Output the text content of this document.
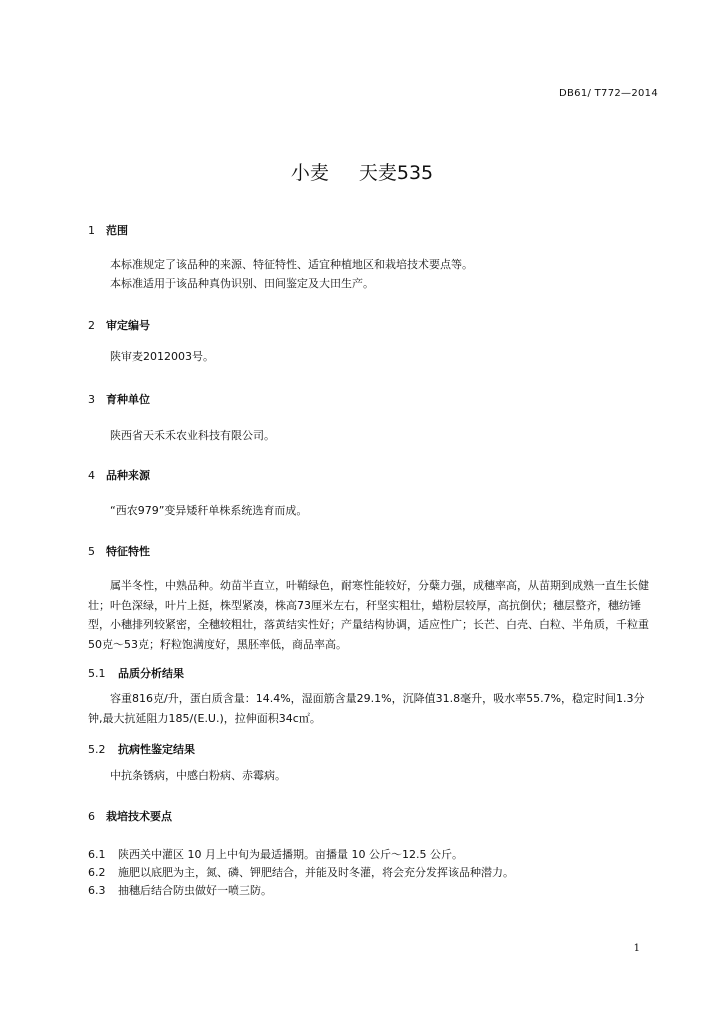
DB61/ T772—2014
小麦 天麦535
1 范围
本标准规定了该品种的来源、特征特性、适宜种植地区和栽培技术要点等。
本标准适用于该品种真伪识别、田间鉴定及大田生产。
2 审定编号
陕审麦2012003号。
3 育种单位
陕西省天禾禾农业科技有限公司。
4 品种来源
“西农979”变异矮秆单株系统选育而成。
5 特征特性
属半冬性，中熟品种。幼苗半直立，叶鞘绿色，耐寒性能较好，分蘖力强，成穗率高，从苗期到成熟一直生长健壮；叶色深绿，叶片上挺，株型紧凑，株高73厘米左右，秆坚实粗壮，蜡粉层较厚，高抗倒伏；穗层整齐，穗纺锤型，小穗排列较紧密，全穗较粗壮，落黄结实性好；产量结构协调，适应性广；长芒、白壳、白粒、半角质，千粒重50克～53克；籽粒饱满度好，黑胚率低，商品率高。
5.1 品质分析结果
容重816克/升，蛋白质含量：14.4%，湿面筋含量29.1%，沉降值31.8毫升，吸水率55.7%，稳定时间1.3分钟,最大抗延阻力185/(E.U.)，拉伸面积34c㎡。
5.2 抗病性鉴定结果
中抗条锈病，中感白粉病、赤霉病。
6 栽培技术要点
6.1 陕西关中灌区 10 月上中旬为最适播期。亩播量 10 公斤～12.5 公斤。
6.2 施肥以底肥为主，氮、磷、钾肥结合，并能及时冬灌，将会充分发挥该品种潜力。
6.3 抽穗后结合防虫做好一喷三防。
1
